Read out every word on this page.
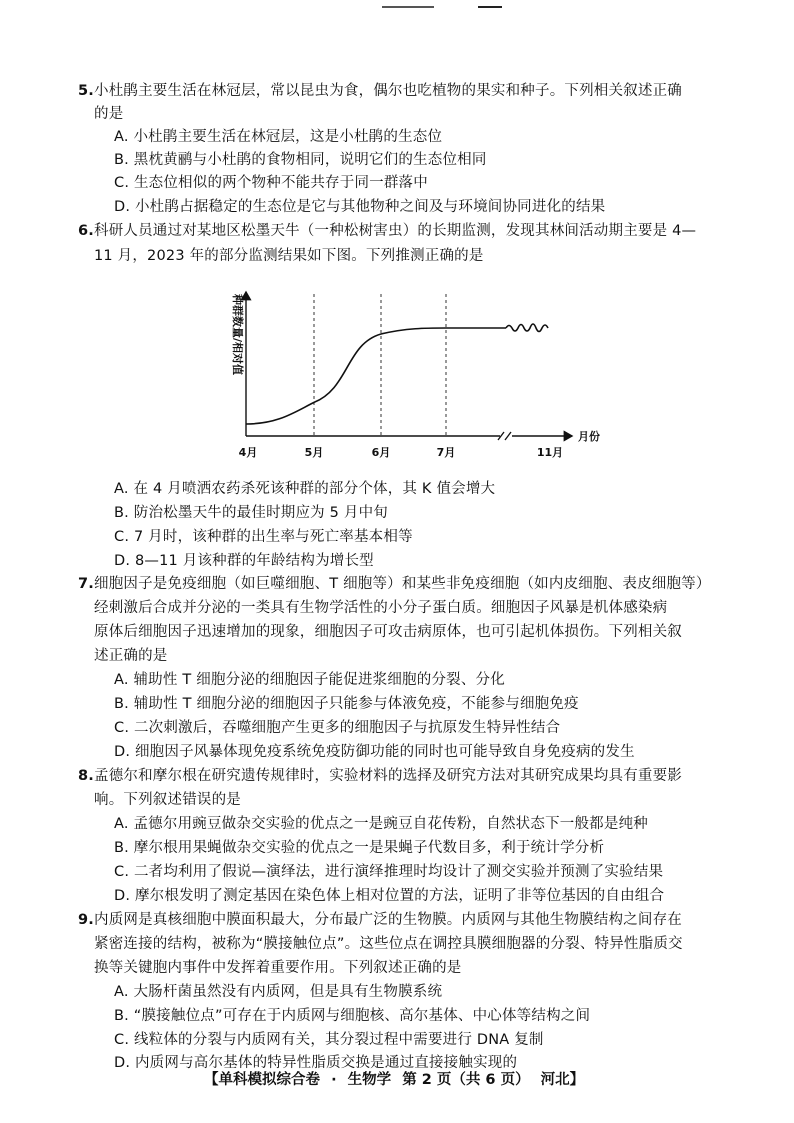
5.小杜鹃主要生活在林冠层，常以昆虫为食，偶尔也吃植物的果实和种子。下列相关叙述正确
的是
A. 小杜鹃主要生活在林冠层，这是小杜鹃的生态位
B. 黑枕黄鹂与小杜鹃的食物相同，说明它们的生态位相同
C. 生态位相似的两个物种不能共存于同一群落中
D. 小杜鹃占据稳定的生态位是它与其他物种之间及与环境间协同进化的结果
6.科研人员通过对某地区松墨天牛（一种松树害虫）的长期监测，发现其林间活动期主要是 4—
11 月，2023 年的部分监测结果如下图。下列推测正确的是
4月	5月	6月	7月	11月
月份
种群数量/相对值
A. 在 4 月喷洒农药杀死该种群的部分个体，其 K 值会增大
B. 防治松墨天牛的最佳时期应为 5 月中旬
C. 7 月时，该种群的出生率与死亡率基本相等
D. 8—11 月该种群的年龄结构为增长型
7.细胞因子是免疫细胞（如巨噬细胞、T 细胞等）和某些非免疫细胞（如内皮细胞、表皮细胞等）
经刺激后合成并分泌的一类具有生物学活性的小分子蛋白质。细胞因子风暴是机体感染病
原体后细胞因子迅速增加的现象，细胞因子可攻击病原体，也可引起机体损伤。下列相关叙
述正确的是
A. 辅助性 T 细胞分泌的细胞因子能促进浆细胞的分裂、分化
B. 辅助性 T 细胞分泌的细胞因子只能参与体液免疫，不能参与细胞免疫
C. 二次刺激后，吞噬细胞产生更多的细胞因子与抗原发生特异性结合
D. 细胞因子风暴体现免疫系统免疫防御功能的同时也可能导致自身免疫病的发生
8.孟德尔和摩尔根在研究遗传规律时，实验材料的选择及研究方法对其研究成果均具有重要影
响。下列叙述错误的是
A. 孟德尔用豌豆做杂交实验的优点之一是豌豆自花传粉，自然状态下一般都是纯种
B. 摩尔根用果蝇做杂交实验的优点之一是果蝇子代数目多，利于统计学分析
C. 二者均利用了假说—演绎法，进行演绎推理时均设计了测交实验并预测了实验结果
D. 摩尔根发明了测定基因在染色体上相对位置的方法，证明了非等位基因的自由组合
9.内质网是真核细胞中膜面积最大，分布最广泛的生物膜。内质网与其他生物膜结构之间存在
紧密连接的结构，被称为“膜接触位点”。这些位点在调控具膜细胞器的分裂、特异性脂质交
换等关键胞内事件中发挥着重要作用。下列叙述正确的是
A. 大肠杆菌虽然没有内质网，但是具有生物膜系统
B. “膜接触位点”可存在于内质网与细胞核、高尔基体、中心体等结构之间
C. 线粒体的分裂与内质网有关，其分裂过程中需要进行 DNA 复制
D. 内质网与高尔基体的特异性脂质交换是通过直接接触实现的
【单科模拟综合卷 · 生物学 第 2 页（共 6 页） 河北】
